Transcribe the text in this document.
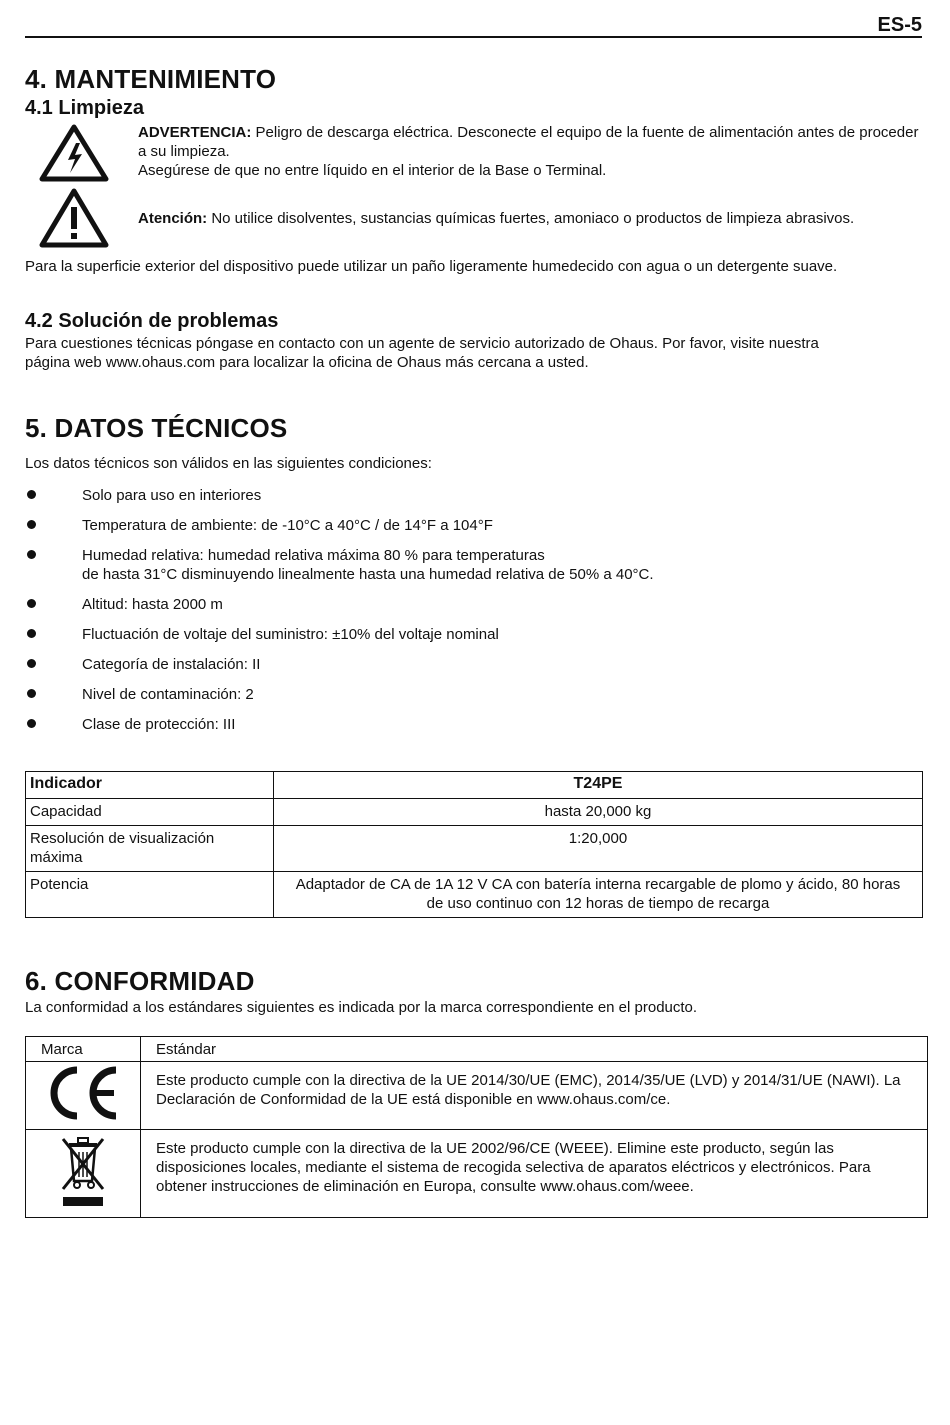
ES-5
4. MANTENIMIENTO
4.1 Limpieza
ADVERTENCIA: Peligro de descarga eléctrica. Desconecte el equipo de la fuente de alimentación antes de proceder a su limpieza.
Asegúrese de que no entre líquido en el interior de la Base o Terminal.
Atención: No utilice disolventes, sustancias químicas fuertes, amoniaco o productos de limpieza abrasivos.
Para la superficie exterior del dispositivo puede utilizar un paño ligeramente humedecido con agua o un detergente suave.
4.2 Solución de problemas
Para cuestiones técnicas póngase en contacto con un agente de servicio autorizado de Ohaus. Por favor, visite nuestra
página web www.ohaus.com para localizar la oficina de Ohaus más cercana a usted.
5. DATOS TÉCNICOS
Los datos técnicos son válidos en las siguientes condiciones:
Solo para uso en interiores
Temperatura de ambiente: de -10°C a 40°C / de 14°F a 104°F
Humedad relativa: humedad relativa máxima 80 % para temperaturas
de hasta 31°C disminuyendo linealmente hasta una humedad relativa de 50% a 40°C.
Altitud: hasta 2000 m
Fluctuación de voltaje del suministro: ±10% del voltaje nominal
Categoría de instalación: II
Nivel de contaminación: 2
Clase de protección: III
Indicador	T24PE
Capacidad	hasta 20,000 kg
Resolución de visualización máxima	1:20,000
Potencia	Adaptador de CA de 1A 12 V CA con batería interna recargable de plomo y ácido, 80 horas de uso continuo con 12 horas de tiempo de recarga
6. CONFORMIDAD
La conformidad a los estándares siguientes es indicada por la marca correspondiente en el producto.
Marca	Estándar
	Este producto cumple con la directiva de la UE 2014/30/UE (EMC), 2014/35/UE (LVD) y 2014/31/UE (NAWI). La Declaración de Conformidad de la UE está disponible en www.ohaus.com/ce.
	Este producto cumple con la directiva de la UE 2002/96/CE (WEEE). Elimine este producto, según las disposiciones locales, mediante el sistema de recogida selectiva de aparatos eléctricos y electrónicos. Para obtener instrucciones de eliminación en Europa, consulte www.ohaus.com/weee.
